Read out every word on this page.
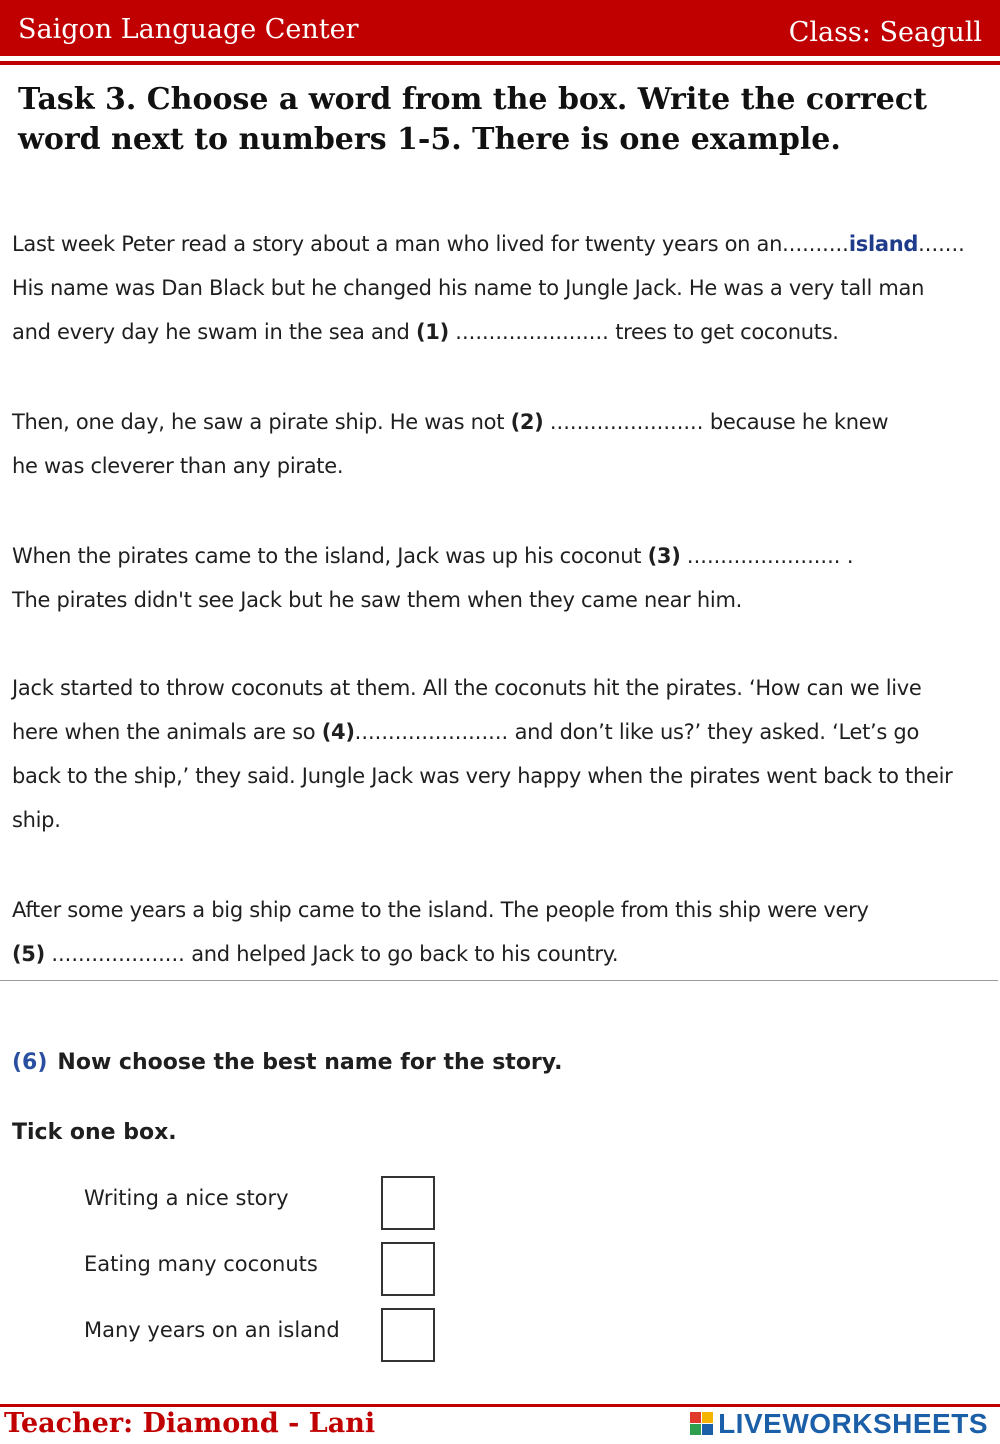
Saigon Language Center	Class: Seagull
Task 3. Choose a word from the box. Write the correct word next to numbers 1-5. There is one example.
Last week Peter read a story about a man who lived for twenty years on an..........island.......
His name was Dan Black but he changed his name to Jungle Jack. He was a very tall man
and every day he swam in the sea and (1) ....................... trees to get coconuts.
Then, one day, he saw a pirate ship. He was not (2) ....................... because he knew
he was cleverer than any pirate.
When the pirates came to the island, Jack was up his coconut (3) ....................... .
The pirates didn't see Jack but he saw them when they came near him.
Jack started to throw coconuts at them. All the coconuts hit the pirates. ‘How can we live
here when the animals are so (4)....................... and don’t like us?’ they asked. ‘Let’s go
back to the ship,’ they said. Jungle Jack was very happy when the pirates went back to their
ship.
After some years a big ship came to the island. The people from this ship were very
(5) .................... and helped Jack to go back to his country.
(6) Now choose the best name for the story.
Tick one box.
Writing a nice story
Eating many coconuts
Many years on an island
Teacher: Diamond - Lani	LIVEWORKSHEETS
